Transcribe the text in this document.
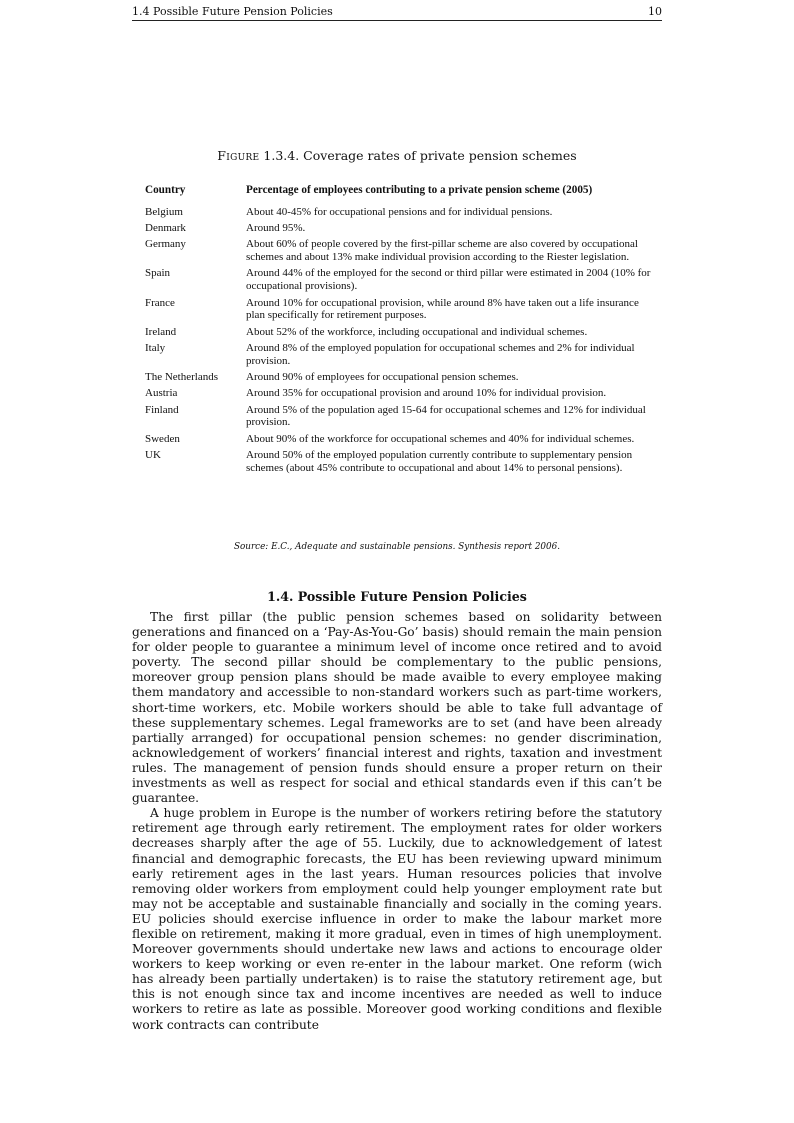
1.4 Possible Future Pension Policies	10
Figure 1.3.4. Coverage rates of private pension schemes
Country	Percentage of employees contributing to a private pension scheme (2005)
Belgium	About 40-45% for occupational pensions and for individual pensions.
Denmark	Around 95%.
Germany	About 60% of people covered by the first-pillar scheme are also covered by occupational schemes and about 13% make individual provision according to the Riester legislation.
Spain	Around 44% of the employed for the second or third pillar were estimated in 2004 (10% for occupational provisions).
France	Around 10% for occupational provision, while around 8% have taken out a life insurance plan specifically for retirement purposes.
Ireland	About 52% of the workforce, including occupational and individual schemes.
Italy	Around 8% of the employed population for occupational schemes and 2% for individual provision.
The Netherlands	Around 90% of employees for occupational pension schemes.
Austria	Around 35% for occupational provision and around 10% for individual provision.
Finland	Around 5% of the population aged 15-64 for occupational schemes and 12% for individual provision.
Sweden	About 90% of the workforce for occupational schemes and 40% for individual schemes.
UK	Around 50% of the employed population currently contribute to supplementary pension schemes (about 45% contribute to occupational and about 14% to personal pensions).
Source: E.C., Adequate and sustainable pensions. Synthesis report 2006.
1.4. Possible Future Pension Policies

The first pillar (the public pension schemes based on solidarity between generations and financed on a ‘Pay-As-You-Go’ basis) should remain the main pension for older people to guarantee a minimum level of income once retired and to avoid poverty. The second pillar should be complementary to the public pensions, moreover group pension plans should be made avaible to every employee making them mandatory and accessible to non-standard workers such as part-time workers, short-time workers, etc. Mobile workers should be able to take full advantage of these supplementary schemes. Legal frameworks are to set (and have been already partially arranged) for occupational pension schemes: no gender discrimination, acknowledgement of workers’ financial interest and rights, taxation and investment rules. The management of pension funds should ensure a proper return on their investments as well as respect for social and ethical standards even if this can’t be guarantee.

A huge problem in Europe is the number of workers retiring before the statutory retirement age through early retirement. The employment rates for older workers decreases sharply after the age of 55. Luckily, due to acknowledgement of latest financial and demographic forecasts, the EU has been reviewing upward minimum early retirement ages in the last years. Human resources policies that involve removing older workers from employment could help younger employment rate but may not be acceptable and sustainable financially and socially in the coming years. EU policies should exercise influence in order to make the labour market more flexible on retirement, making it more gradual, even in times of high unemployment. Moreover governments should undertake new laws and actions to encourage older workers to keep working or even re-enter in the labour market. One reform (wich has already been partially undertaken) is to raise the statutory retirement age, but this is not enough since tax and income incentives are needed as well to induce workers to retire as late as possible. Moreover good working conditions and flexible work contracts can contribute
